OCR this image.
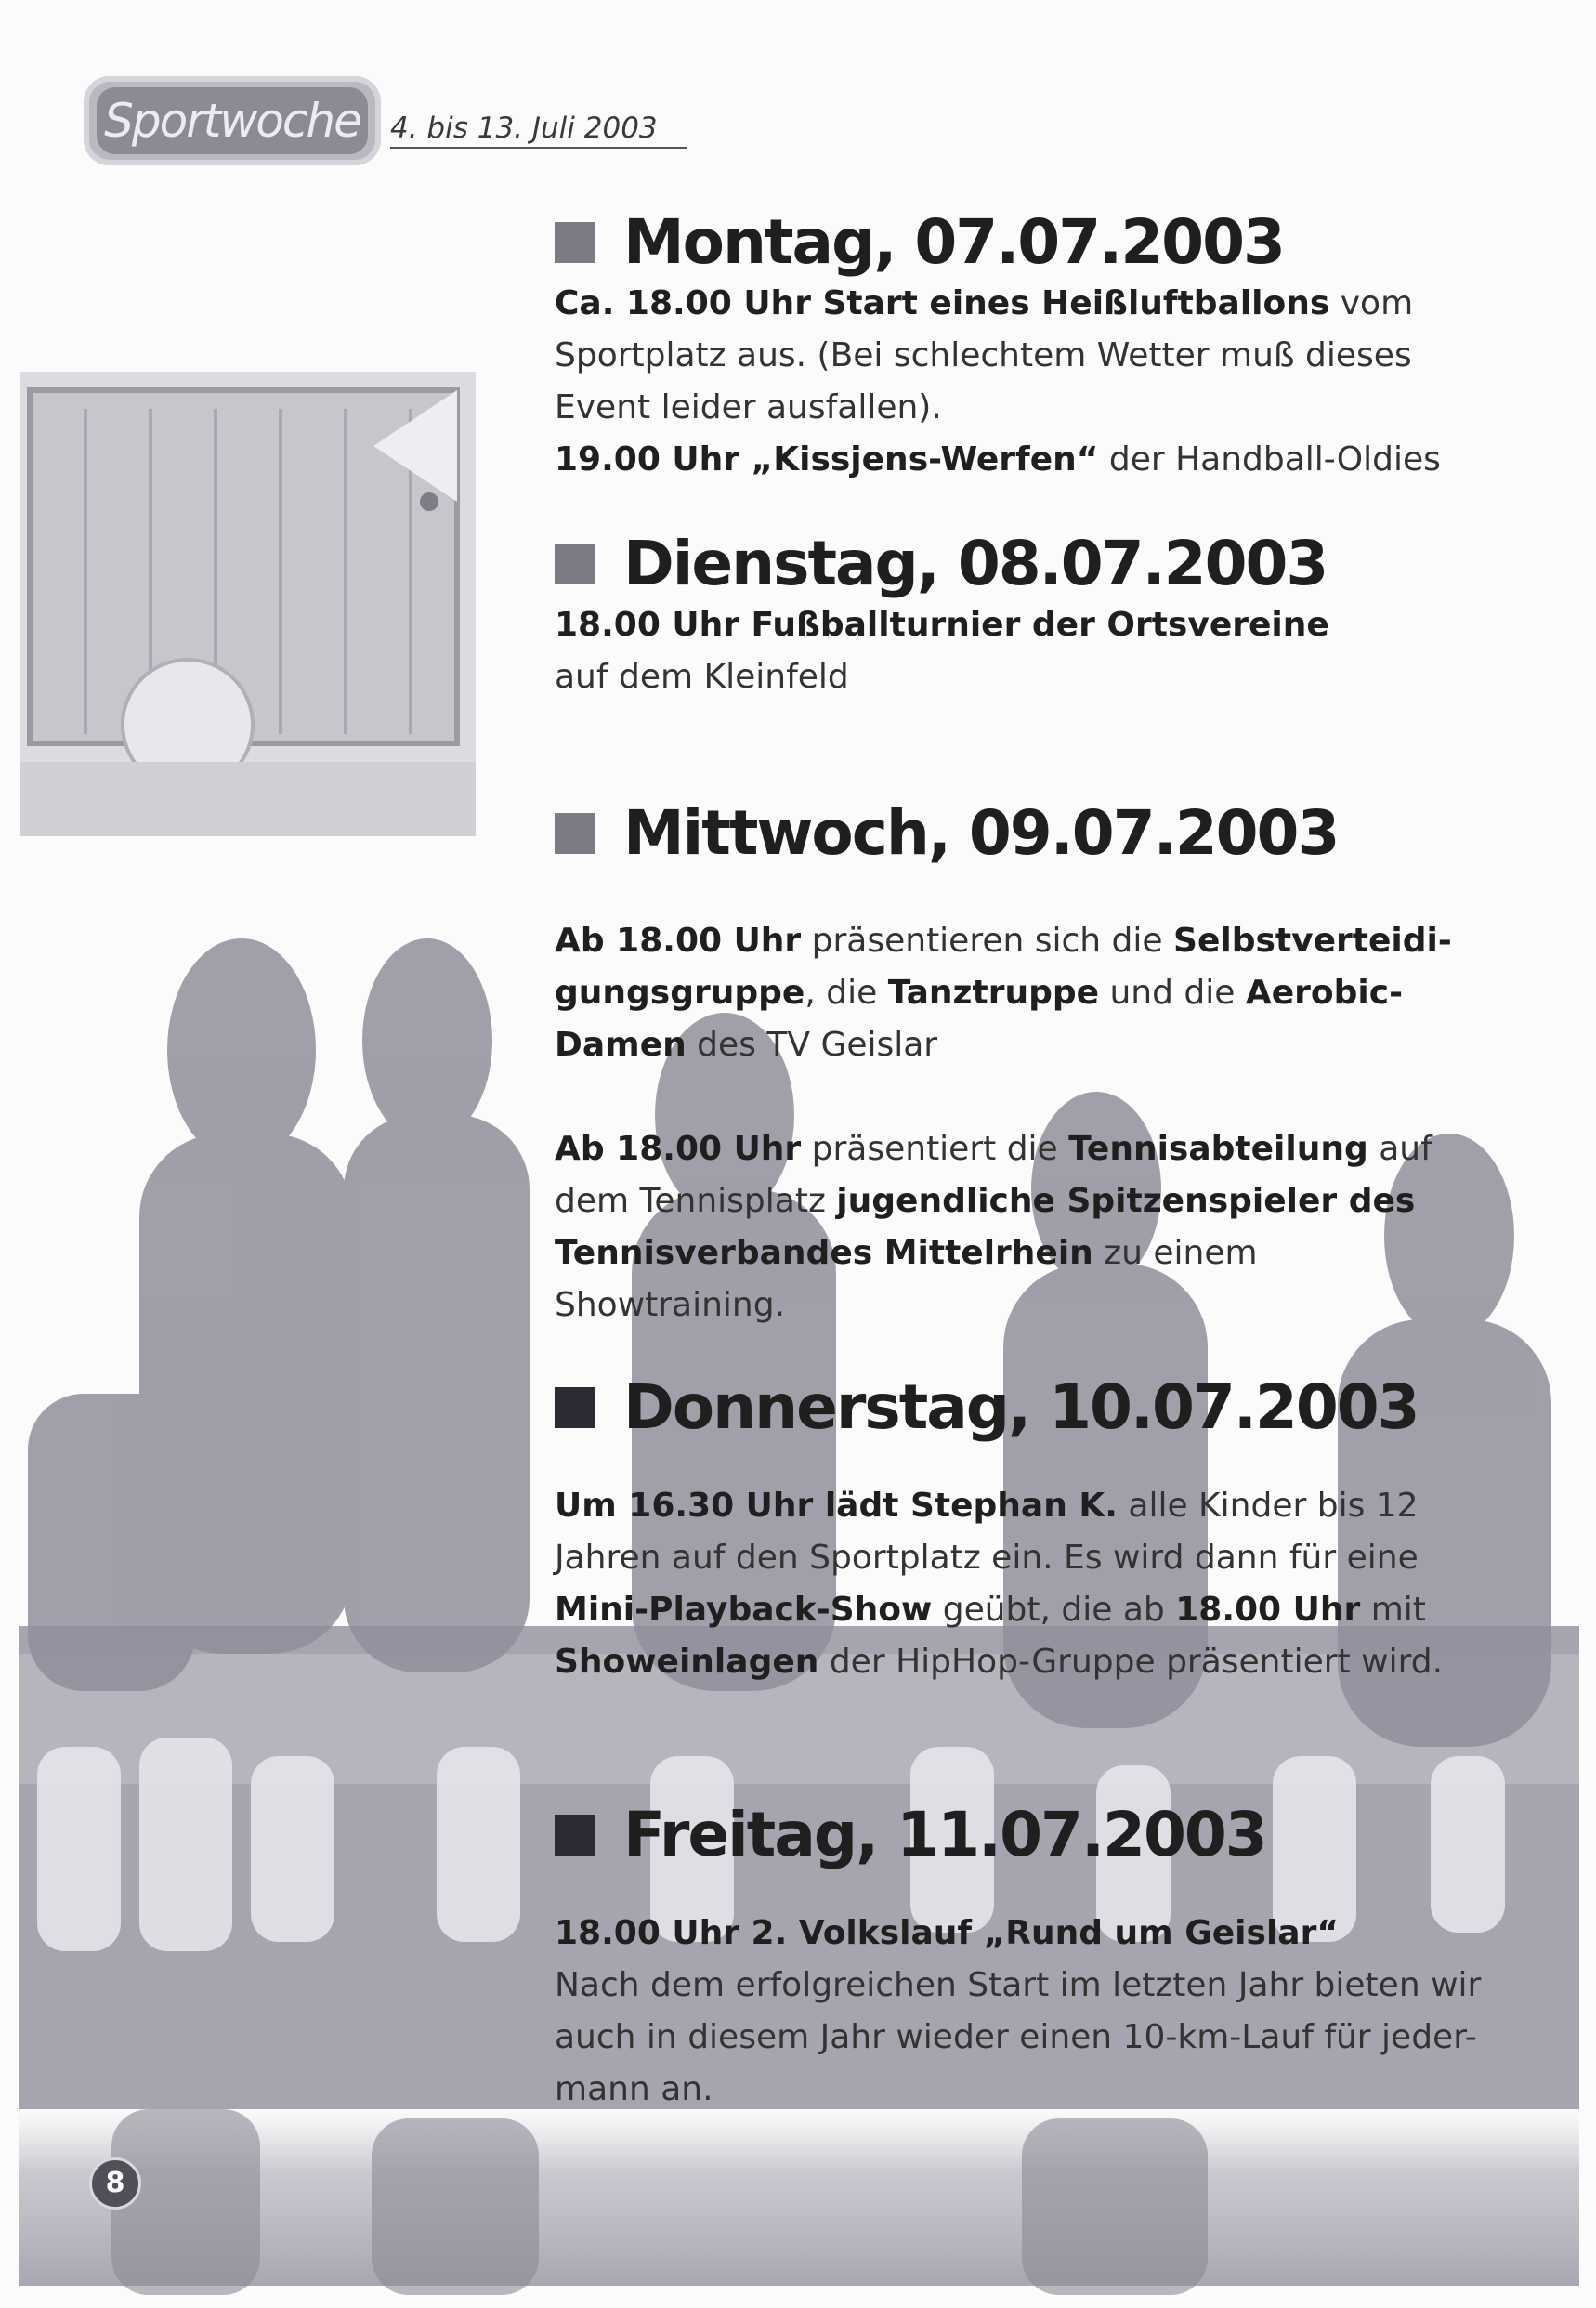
Sportwoche 4. bis 13. Juli 2003
Montag, 07.07.2003

Ca. 18.00 Uhr Start eines Heißluftballons vom Sportplatz aus. (Bei schlechtem Wetter muß dieses Event leider ausfallen).

19.00 Uhr „Kissjens-Werfen“ der Handball-Oldies

Dienstag, 08.07.2003

18.00 Uhr Fußballturnier der Ortsvereine

auf dem Kleinfeld

Mittwoch, 09.07.2003

Ab 18.00 Uhr präsentieren sich die Selbstverteidi-gungsgruppe, die Tanztruppe und die Aerobic-Damen des TV Geislar

Ab 18.00 Uhr präsentiert die Tennisabteilung auf dem Tennisplatz jugendliche Spitzenspieler des Tennisverbandes Mittelrhein zu einem Showtraining.

Donnerstag, 10.07.2003

Um 16.30 Uhr lädt Stephan K. alle Kinder bis 12 Jahren auf den Sportplatz ein. Es wird dann für eine Mini-Playback-Show geübt, die ab 18.00 Uhr mit Showeinlagen der HipHop-Gruppe präsentiert wird.

Freitag, 11.07.2003

18.00 Uhr 2. Volkslauf „Rund um Geislar“

Nach dem erfolgreichen Start im letzten Jahr bieten wir auch in diesem Jahr wieder einen 10-km-Lauf für jeder-mann an.

8
